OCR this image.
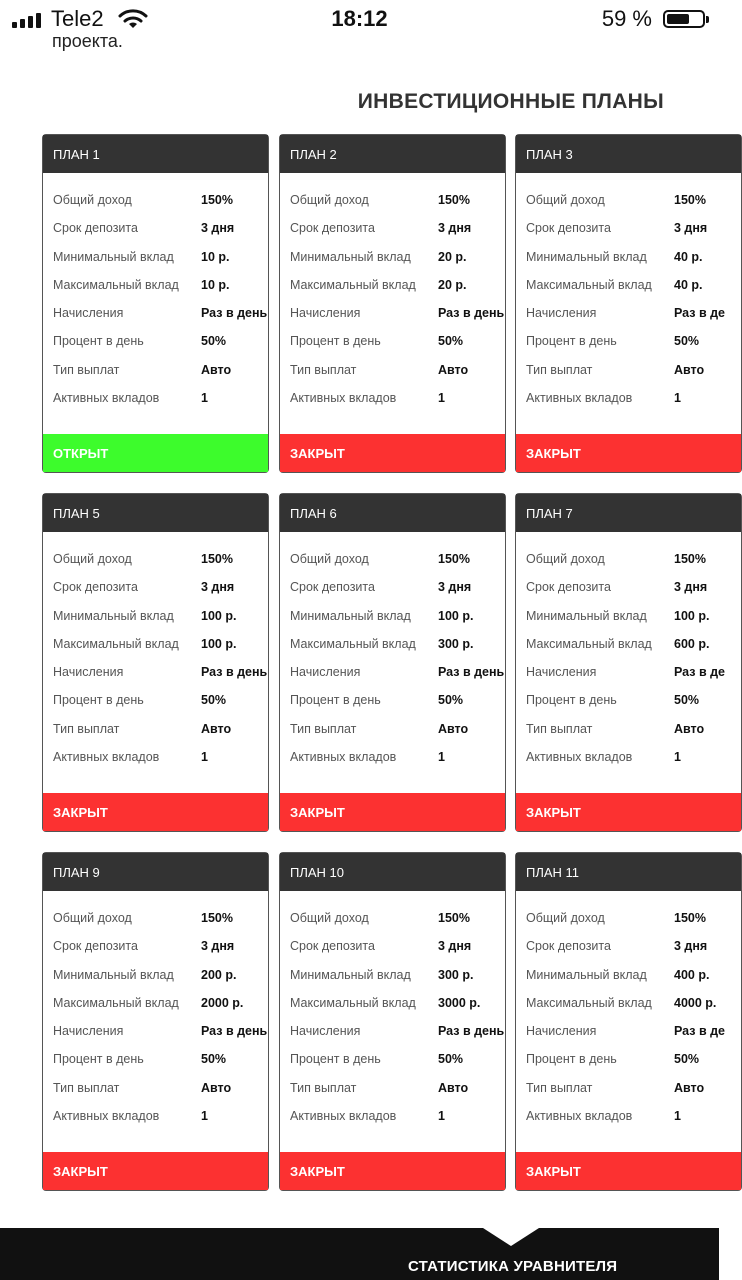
Tele2	18:12	59 %
проекта.
ИНВЕСТИЦИОННЫЕ ПЛАНЫ
ПЛАН 1
Общий доход	150%
Срок депозита	3 дня
Минимальный вклад 10 р.
Максимальный вклад 10 р.
Начисления	Раз в день
Процент в день	50%
Тип выплат	Авто
Активных вкладов	1
ОТКРЫТ
ПЛАН 2
Общий доход	150%
Срок депозита	3 дня
Минимальный вклад 20 р.
Максимальный вклад 20 р.
Начисления	Раз в день
Процент в день	50%
Тип выплат	Авто
Активных вкладов	1
ЗАКРЫТ
ПЛАН 3
Общий доход	150%
Срок депозита	3 дня
Минимальный вклад 40 р.
Максимальный вклад 40 р.
Начисления	Раз в де
Процент в день	50%
Тип выплат	Авто
Активных вкладов	1
ЗАКРЫТ
ПЛАН 5
Общий доход	150%
Срок депозита	3 дня
Минимальный вклад 100 р.
Максимальный вклад 100 р.
Начисления	Раз в день
Процент в день	50%
Тип выплат	Авто
Активных вкладов	1
ЗАКРЫТ
ПЛАН 6
Общий доход	150%
Срок депозита	3 дня
Минимальный вклад 100 р.
Максимальный вклад 300 р.
Начисления	Раз в день
Процент в день	50%
Тип выплат	Авто
Активных вкладов	1
ЗАКРЫТ
ПЛАН 7
Общий доход	150%
Срок депозита	3 дня
Минимальный вклад 100 р.
Максимальный вклад 600 р.
Начисления	Раз в де
Процент в день	50%
Тип выплат	Авто
Активных вкладов	1
ЗАКРЫТ
ПЛАН 9
Общий доход	150%
Срок депозита	3 дня
Минимальный вклад 200 р.
Максимальный вклад 2000 р.
Начисления	Раз в день
Процент в день	50%
Тип выплат	Авто
Активных вкладов	1
ЗАКРЫТ
ПЛАН 10
Общий доход	150%
Срок депозита	3 дня
Минимальный вклад 300 р.
Максимальный вклад 3000 р.
Начисления	Раз в день
Процент в день	50%
Тип выплат	Авто
Активных вкладов	1
ЗАКРЫТ
ПЛАН 11
Общий доход	150%
Срок депозита	3 дня
Минимальный вклад 400 р.
Максимальный вклад 4000 р.
Начисления	Раз в де
Процент в день	50%
Тип выплат	Авто
Активных вкладов	1
ЗАКРЫТ
СТАТИСТИКА УРАВНИТЕЛЯ
